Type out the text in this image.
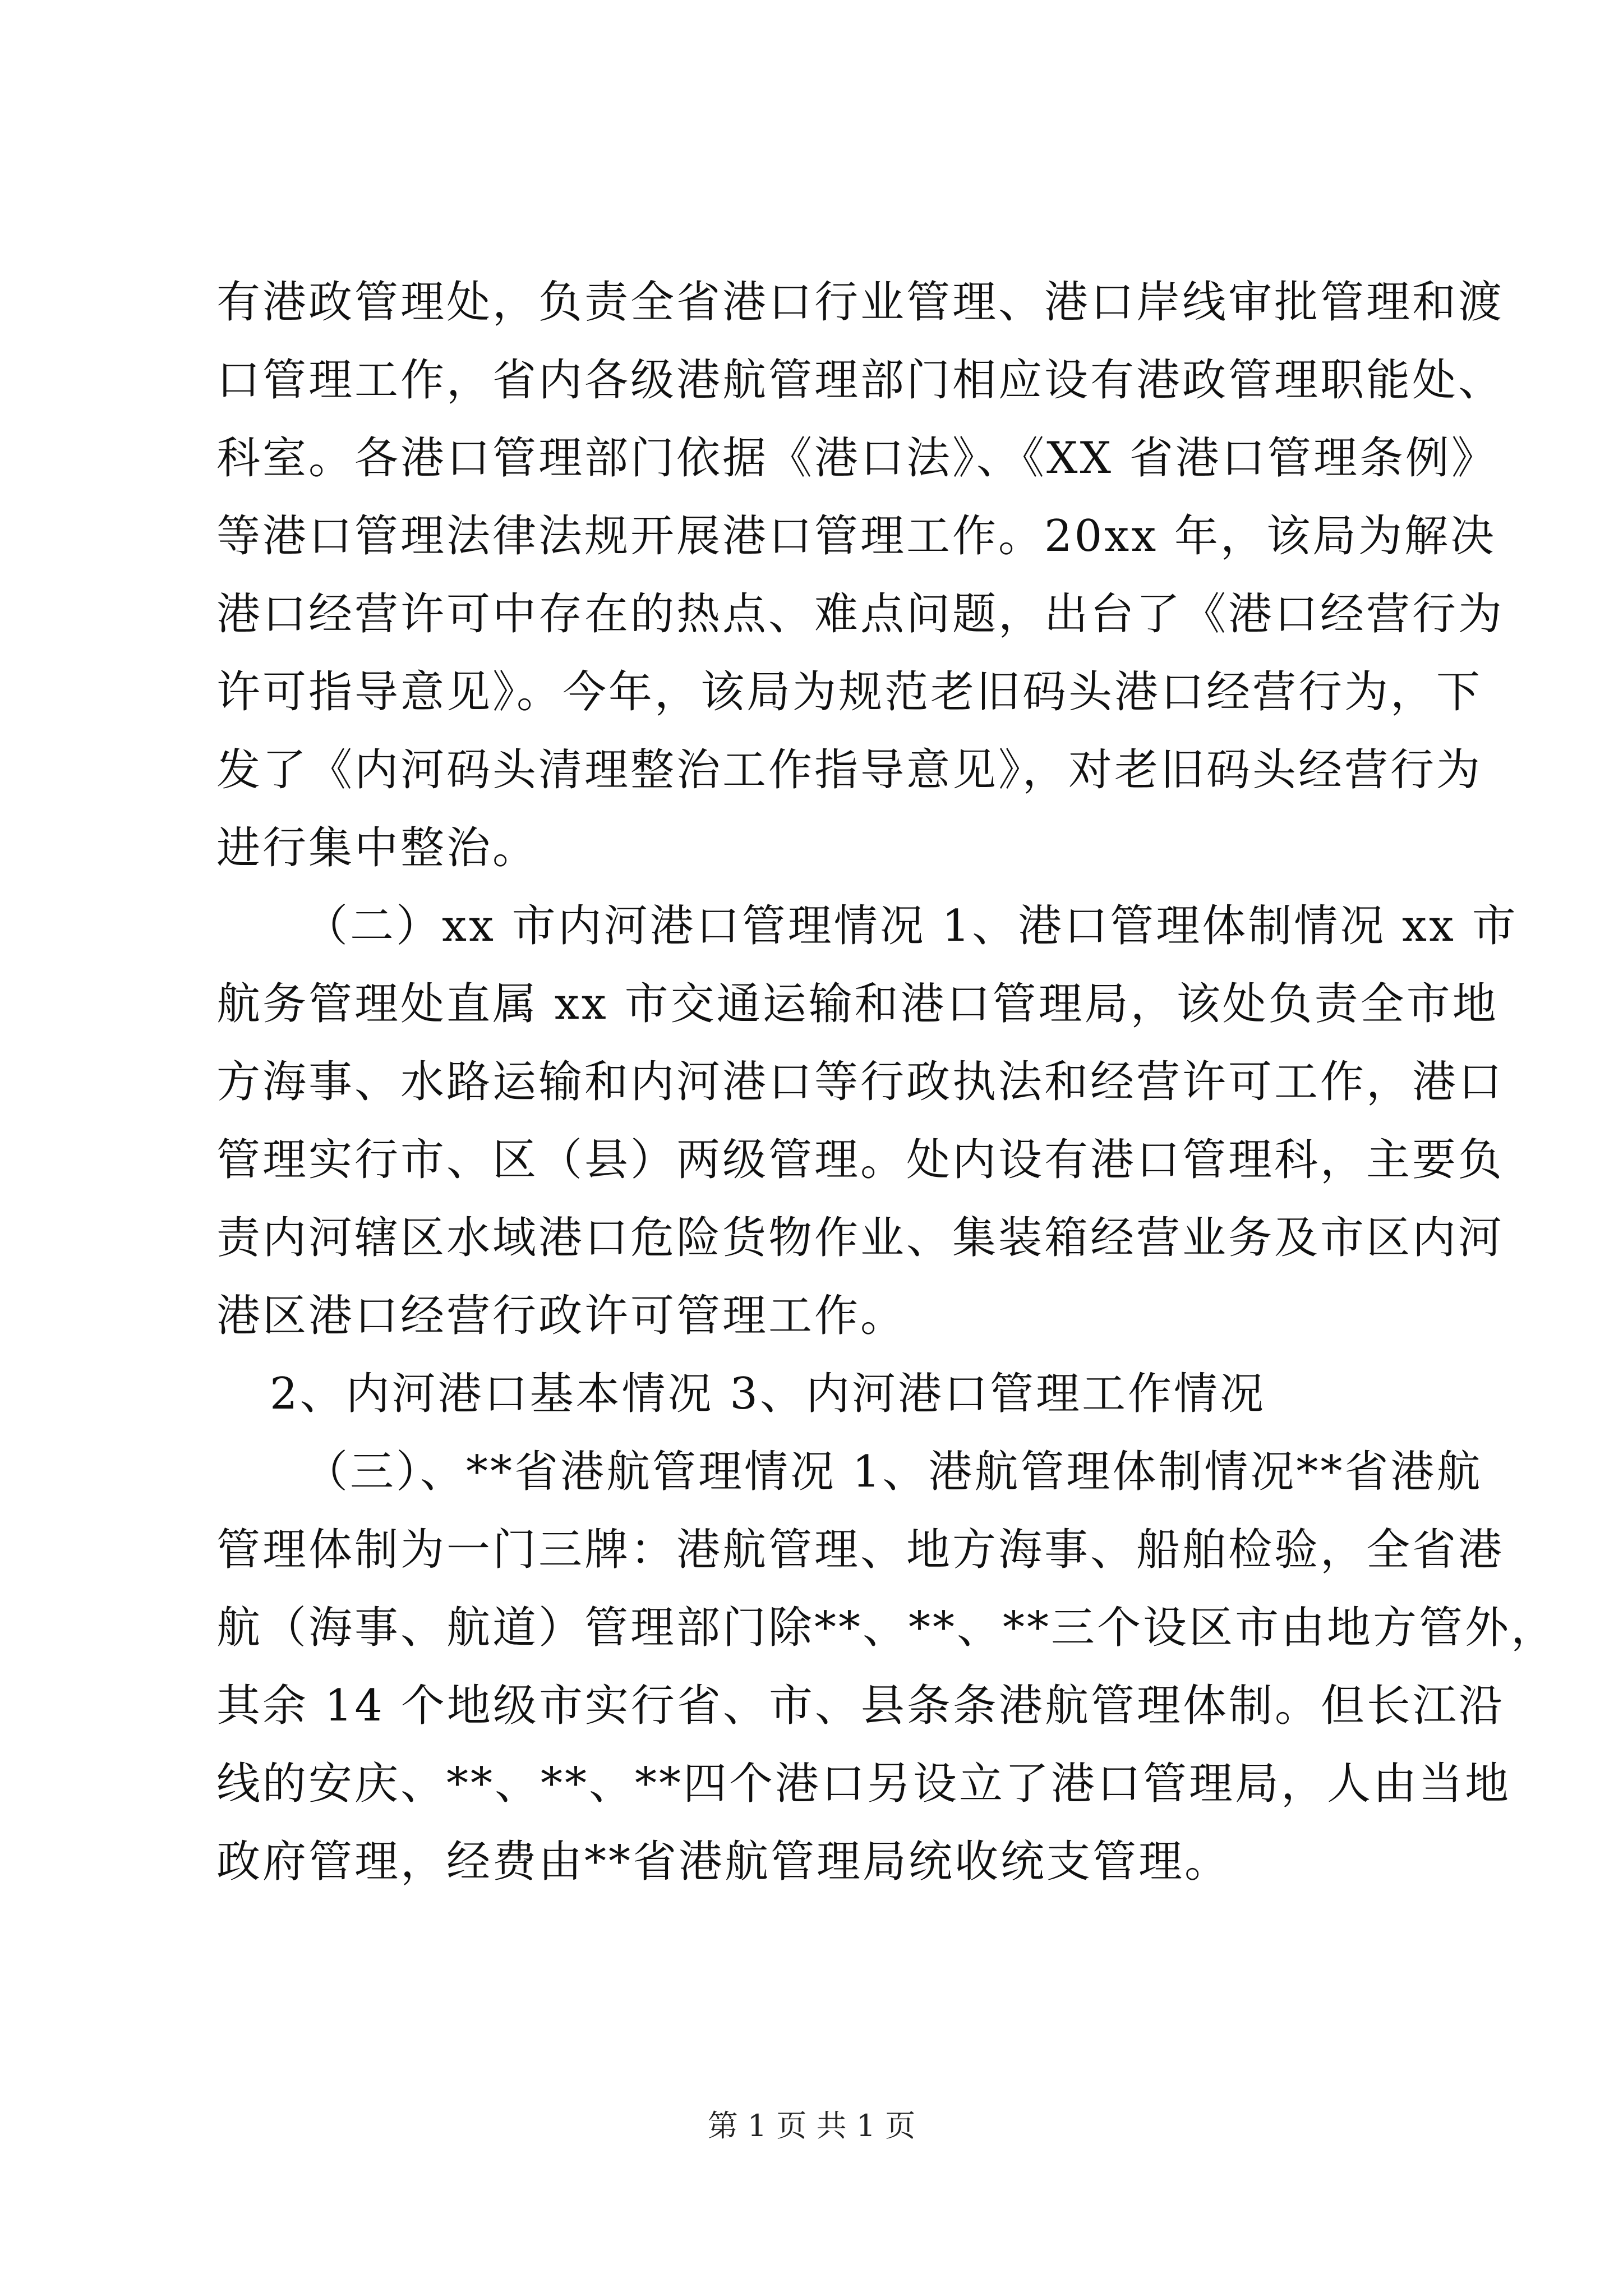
有港政管理处，负责全省港口行业管理、港口岸线审批管理和渡
口管理工作，省内各级港航管理部门相应设有港政管理职能处、
科室。各港口管理部门依据《港口法》、《XX 省港口管理条例》
等港口管理法律法规开展港口管理工作。20xx 年，该局为解决
港口经营许可中存在的热点、难点问题，出台了《港口经营行为
许可指导意见》。今年，该局为规范老旧码头港口经营行为，下
发了《内河码头清理整治工作指导意见》，对老旧码头经营行为
进行集中整治。
（二）xx 市内河港口管理情况 1、港口管理体制情况 xx 市
航务管理处直属 xx 市交通运输和港口管理局，该处负责全市地
方海事、水路运输和内河港口等行政执法和经营许可工作，港口
管理实行市、区（县）两级管理。处内设有港口管理科，主要负
责内河辖区水域港口危险货物作业、集装箱经营业务及市区内河
港区港口经营行政许可管理工作。
2、内河港口基本情况 3、内河港口管理工作情况
（三）、**省港航管理情况 1、港航管理体制情况**省港航
管理体制为一门三牌：港航管理、地方海事、船舶检验，全省港
航（海事、航道）管理部门除**、**、**三个设区市由地方管外，
其余 14 个地级市实行省、市、县条条港航管理体制。但长江沿
线的安庆、**、**、**四个港口另设立了港口管理局，人由当地
政府管理，经费由**省港航管理局统收统支管理。
第 1 页 共 1 页
